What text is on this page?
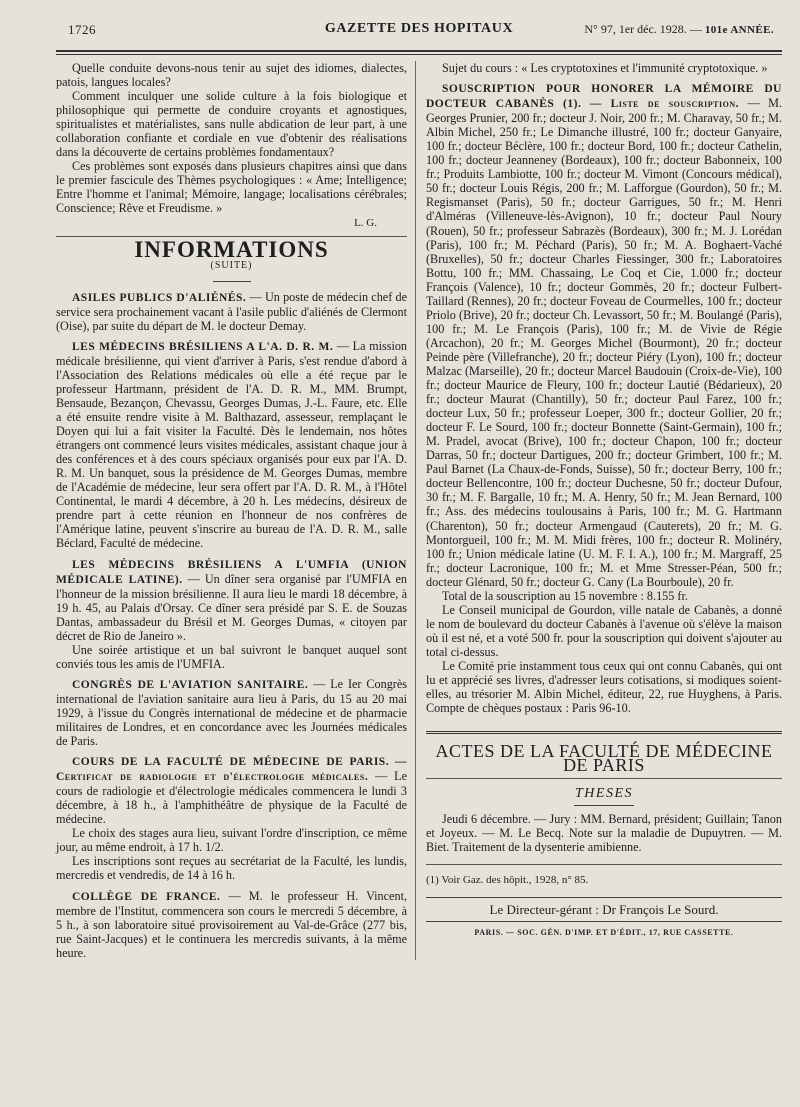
1726	GAZETTE DES HOPITAUX	N° 97, 1er déc. 1928. — 101e ANNÉE.

Quelle conduite devons-nous tenir au sujet des idiomes, dialectes, patois, langues locales?

Comment inculquer une solide culture à la fois biologique et philosophique qui permette de conduire croyants et agnostiques, spiritualistes et matérialistes, sans nulle abdication de leur part, à une collaboration confiante et cordiale en vue d'obtenir des réalisations dans la découverte de certains problèmes fondamentaux?

Ces problèmes sont exposés dans plusieurs chapitres ainsi que dans le premier fascicule des Thèmes psychologiques : « Ame; Intelligence; Entre l'homme et l'animal; Mémoire, langage; localisations cérébrales; Conscience; Rêve et Freudisme. »

L. G.

INFORMATIONS
(SUITE)

ASILES PUBLICS D'ALIÉNÉS. — Un poste de médecin chef de service sera prochainement vacant à l'asile public d'aliénés de Clermont (Oise), par suite du départ de M. le docteur Demay.

LES MÉDECINS BRÉSILIENS A L'A. D. R. M. — La mission médicale brésilienne, qui vient d'arriver à Paris, s'est rendue d'abord à l'Association des Relations médicales où elle a été reçue par le professeur Hartmann, président de l'A. D. R. M., MM. Brumpt, Bensaude, Bezançon, Chevassu, Georges Dumas, J.-L. Faure, etc. Elle a été ensuite rendre visite à M. Balthazard, assesseur, remplaçant le Doyen qui lui a fait visiter la Faculté. Dès le lendemain, nos hôtes étrangers ont commencé leurs visites médicales, assistant chaque jour à des conférences et à des cours spéciaux organisés pour eux par l'A. D. R. M. Un banquet, sous la présidence de M. Georges Dumas, membre de l'Académie de médecine, leur sera offert par l'A. D. R. M., à l'Hôtel Continental, le mardi 4 décembre, à 20 h. Les médecins, désireux de prendre part à cette réunion en l'honneur de nos confrères de l'Amérique latine, peuvent s'inscrire au bureau de l'A. D. R. M., salle Béclard, Faculté de médecine.

LES MÉDECINS BRÉSILIENS A L'UMFIA (UNION MÉDICALE LATINE). — Un dîner sera organisé par l'UMFIA en l'honneur de la mission brésilienne. Il aura lieu le mardi 18 décembre, à 19 h. 45, au Palais d'Orsay. Ce dîner sera présidé par S. E. de Souzas Dantas, ambassadeur du Brésil et M. Georges Dumas, « citoyen par décret de Rio de Janeiro ».

Une soirée artistique et un bal suivront le banquet auquel sont conviés tous les amis de l'UMFIA.

CONGRÈS DE L'AVIATION SANITAIRE. — Le Ier Congrès international de l'aviation sanitaire aura lieu à Paris, du 15 au 20 mai 1929, à l'issue du Congrès international de médecine et de pharmacie militaires de Londres, et en concordance avec les Journées médicales de Paris.

COURS DE LA FACULTÉ DE MÉDECINE DE PARIS. — Certificat de radiologie et d'électrologie médicales. — Le cours de radiologie et d'électrologie médicales commencera le lundi 3 décembre, à 18 h., à l'amphithéâtre de physique de la Faculté de médecine.

Le choix des stages aura lieu, suivant l'ordre d'inscription, ce même jour, au même endroit, à 17 h. 1/2.

Les inscriptions sont reçues au secrétariat de la Faculté, les lundis, mercredis et vendredis, de 14 à 16 h.

COLLÈGE DE FRANCE. — M. le professeur H. Vincent, membre de l'Institut, commencera son cours le mercredi 5 décembre, à 5 h., à son laboratoire situé provisoirement au Val-de-Grâce (277 bis, rue Saint-Jacques) et le continuera les mercredis suivants, à la même heure.

Sujet du cours : « Les cryptotoxines et l'immunité cryptotoxique. »

SOUSCRIPTION POUR HONORER LA MÉMOIRE DU DOCTEUR CABANÈS (1). — Liste de souscription. — M. Georges Prunier, 200 fr.; docteur J. Noir, 200 fr.; M. Charavay, 50 fr.; M. Albin Michel, 250 fr.; Le Dimanche illustré, 100 fr.; docteur Ganyaire, 100 fr.; docteur Béclère, 100 fr.; docteur Bord, 100 fr.; docteur Cathelin, 100 fr.; docteur Jeanneney (Bordeaux), 100 fr.; docteur Babonneix, 100 fr.; Produits Lambiotte, 100 fr.; docteur M. Vimont (Concours médical), 50 fr.; docteur Louis Régis, 200 fr.; M. Lafforgue (Gourdon), 50 fr.; M. Regismanset (Paris), 50 fr.; docteur Garrigues, 50 fr.; M. Henri d'Alméras (Villeneuve-lès-Avignon), 10 fr.; docteur Paul Noury (Rouen), 50 fr.; professeur Sabrazès (Bordeaux), 300 fr.; M. J. Lorédan (Paris), 100 fr.; M. Péchard (Paris), 50 fr.; M. A. Boghaert-Vaché (Bruxelles), 50 fr.; docteur Charles Fiessinger, 300 fr.; Laboratoires Bottu, 100 fr.; MM. Chassaing, Le Coq et Cie, 1.000 fr.; docteur François (Valence), 10 fr.; docteur Gommès, 20 fr.; docteur Fulbert-Taillard (Rennes), 20 fr.; docteur Foveau de Courmelles, 100 fr.; docteur Priolo (Brive), 20 fr.; docteur Ch. Levassort, 50 fr.; M. Boulangé (Paris), 100 fr.; M. Le François (Paris), 100 fr.; M. de Vivie de Régie (Arcachon), 20 fr.; M. Georges Michel (Bourmont), 20 fr.; docteur Peinde père (Villefranche), 20 fr.; docteur Piéry (Lyon), 100 fr.; docteur Malzac (Marseille), 20 fr.; docteur Marcel Baudouin (Croix-de-Vie), 100 fr.; docteur Maurice de Fleury, 100 fr.; docteur Lautié (Bédarieux), 20 fr.; docteur Maurat (Chantilly), 50 fr.; docteur Paul Farez, 100 fr.; docteur Lux, 50 fr.; professeur Loeper, 300 fr.; docteur Gollier, 20 fr.; docteur F. Le Sourd, 100 fr.; docteur Bonnette (Saint-Germain), 100 fr.; M. Pradel, avocat (Brive), 100 fr.; docteur Chapon, 100 fr.; docteur Darras, 50 fr.; docteur Dartigues, 200 fr.; docteur Grimbert, 100 fr.; M. Paul Barnet (La Chaux-de-Fonds, Suisse), 50 fr.; docteur Berry, 100 fr.; docteur Bellencontre, 100 fr.; docteur Duchesne, 50 fr.; docteur Dufour, 30 fr.; M. F. Bargalle, 10 fr.; M. A. Henry, 50 fr.; M. Jean Bernard, 100 fr.; Ass. des médecins toulousains à Paris, 100 fr.; M. G. Hartmann (Charenton), 50 fr.; docteur Armengaud (Cauterets), 20 fr.; M. G. Montorgueil, 100 fr.; M. M. Midi frères, 100 fr.; docteur R. Molinéry, 100 fr.; Union médicale latine (U. M. F. I. A.), 100 fr.; M. Margraff, 25 fr.; docteur Lacronique, 100 fr.; M. et Mme Stresser-Péan, 500 fr.; docteur Glénard, 50 fr.; docteur G. Cany (La Bourboule), 20 fr.

Total de la souscription au 15 novembre : 8.155 fr.

Le Conseil municipal de Gourdon, ville natale de Cabanès, a donné le nom de boulevard du docteur Cabanès à l'avenue où s'élève la maison où il est né, et a voté 500 fr. pour la souscription qui doivent s'ajouter au total ci-dessus.

Le Comité prie instamment tous ceux qui ont connu Cabanès, qui ont lu et apprécié ses livres, d'adresser leurs cotisations, si modiques soient-elles, au trésorier M. Albin Michel, éditeur, 22, rue Huyghens, à Paris. Compte de chèques postaux : Paris 96-10.

ACTES DE LA FACULTÉ DE MÉDECINE DE PARIS
THESES

Jeudi 6 décembre. — Jury : MM. Bernard, président; Guillain; Tanon et Joyeux. — M. Le Becq. Note sur la maladie de Dupuytren. — M. Biet. Traitement de la dysenterie amibienne.

(1) Voir Gaz. des hôpit., 1928, n° 85.
Le Directeur-gérant : Dr François Le Sourd.
PARIS. — SOC. GÉN. D'IMP. ET D'ÉDIT., 17, RUE CASSETTE.
